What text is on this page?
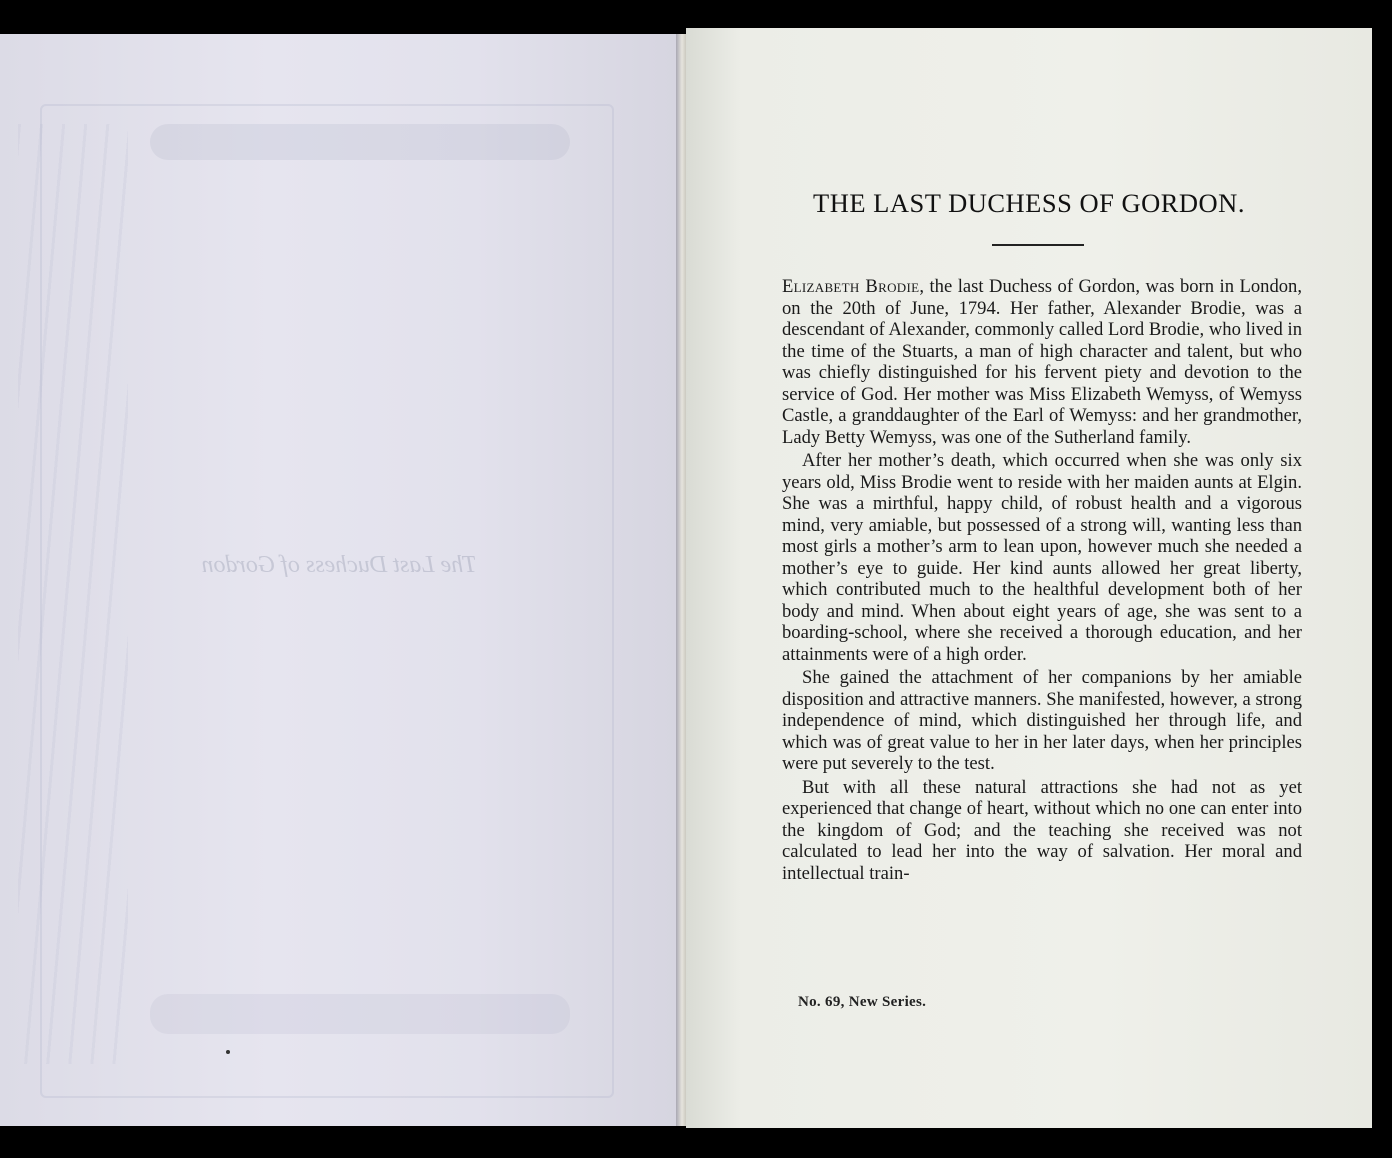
The Last Duchess of Gordon
THE LAST DUCHESS OF GORDON.

Elizabeth Brodie, the last Duchess of Gordon, was born in London, on the 20th of June, 1794. Her father, Alexander Brodie, was a descendant of Alexander, commonly called Lord Brodie, who lived in the time of the Stuarts, a man of high character and talent, but who was chiefly distinguished for his fervent piety and devotion to the service of God. Her mother was Miss Elizabeth Wemyss, of Wemyss Castle, a granddaughter of the Earl of Wemyss: and her grandmother, Lady Betty Wemyss, was one of the Sutherland family.

After her mother’s death, which occurred when she was only six years old, Miss Brodie went to reside with her maiden aunts at Elgin. She was a mirthful, happy child, of robust health and a vigorous mind, very amiable, but possessed of a strong will, wanting less than most girls a mother’s arm to lean upon, however much she needed a mother’s eye to guide. Her kind aunts allowed her great liberty, which contributed much to the healthful development both of her body and mind. When about eight years of age, she was sent to a boarding-school, where she received a thorough education, and her attainments were of a high order.

She gained the attachment of her companions by her amiable disposition and attractive manners. She manifested, however, a strong independence of mind, which distinguished her through life, and which was of great value to her in her later days, when her principles were put severely to the test.

But with all these natural attractions she had not as yet experienced that change of heart, without which no one can enter into the kingdom of God; and the teaching she received was not calculated to lead her into the way of salvation. Her moral and intellectual train-

No. 69, New Series.
